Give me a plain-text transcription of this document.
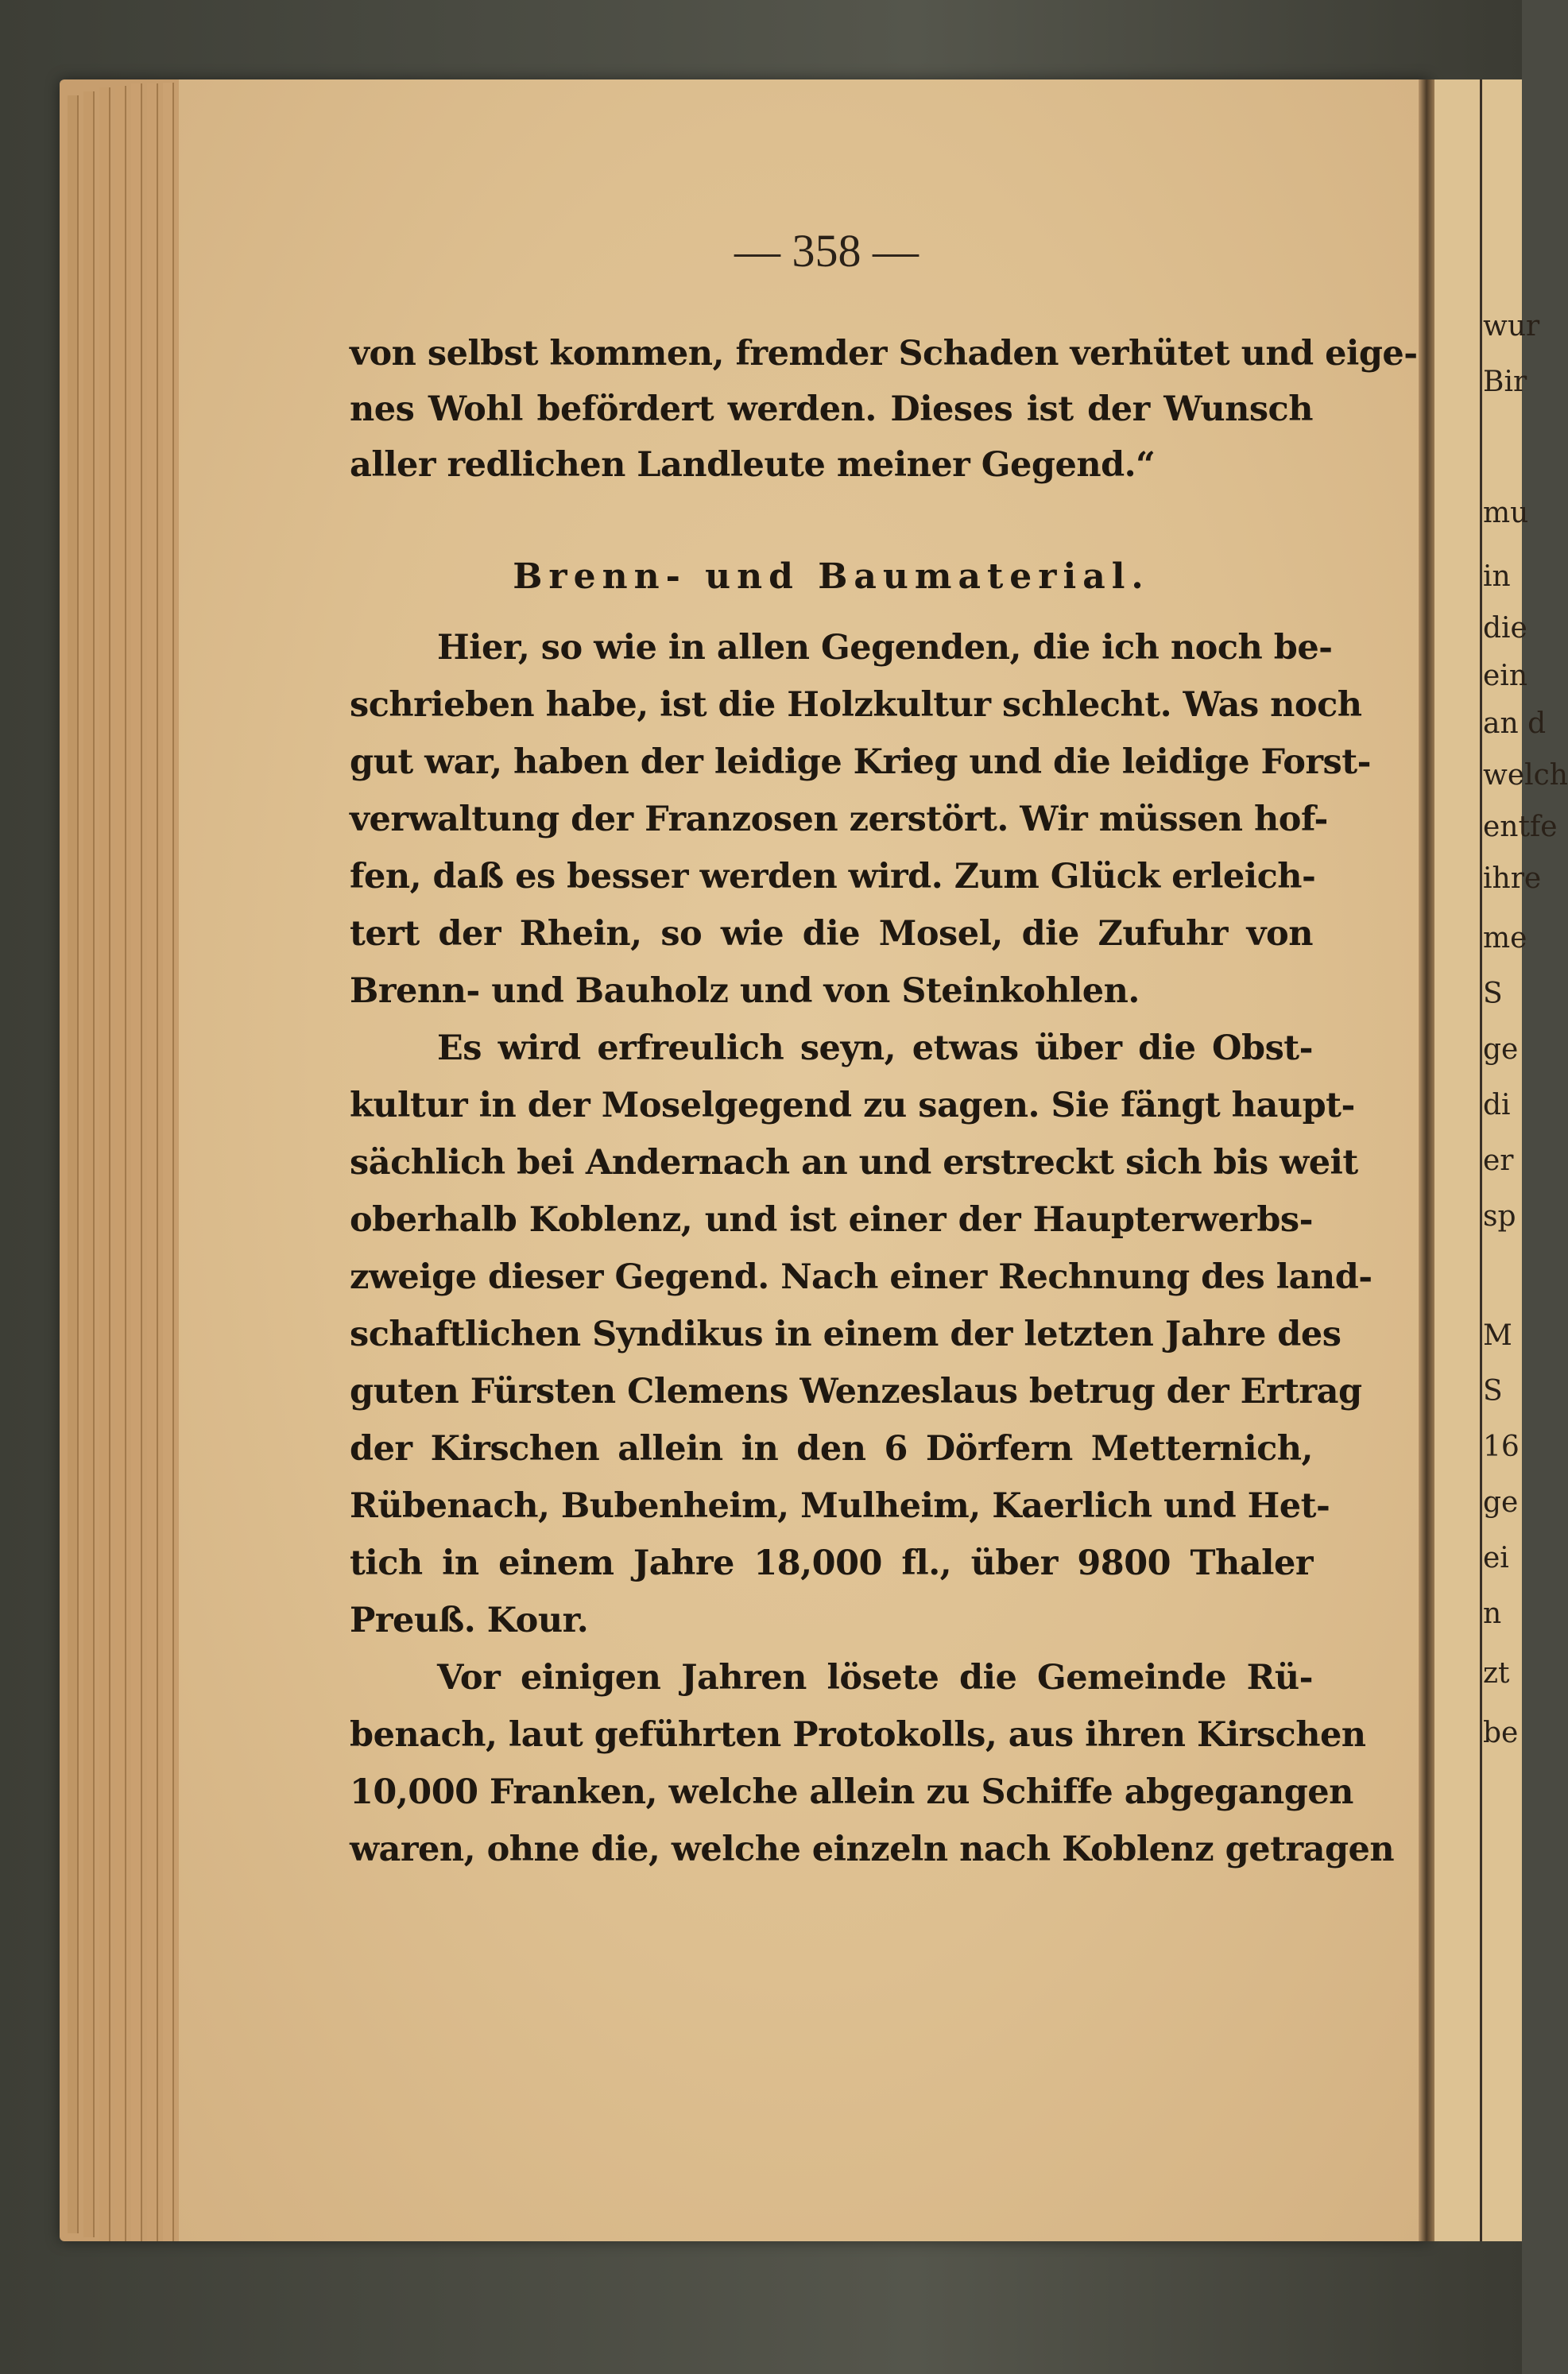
— 358 —
von selbst kommen, fremder Schaden verhütet und eige-
nes Wohl befördert werden. Dieses ist der Wunsch
aller redlichen Landleute meiner Gegend.“
Brenn- und Baumaterial.
Hier, so wie in allen Gegenden, die ich noch be-
schrieben habe, ist die Holzkultur schlecht. Was noch
gut war, haben der leidige Krieg und die leidige Forst-
verwaltung der Franzosen zerstört. Wir müssen hof-
fen, daß es besser werden wird. Zum Glück erleich-
tert der Rhein, so wie die Mosel, die Zufuhr von
Brenn- und Bauholz und von Steinkohlen.
Es wird erfreulich seyn, etwas über die Obst-
kultur in der Moselgegend zu sagen. Sie fängt haupt-
sächlich bei Andernach an und erstreckt sich bis weit
oberhalb Koblenz, und ist einer der Haupterwerbs-
zweige dieser Gegend. Nach einer Rechnung des land-
schaftlichen Syndikus in einem der letzten Jahre des
guten Fürsten Clemens Wenzeslaus betrug der Ertrag
der Kirschen allein in den 6 Dörfern Metternich,
Rübenach, Bubenheim, Mulheim, Kaerlich und Het-
tich in einem Jahre 18,000 fl., über 9800 Thaler
Preuß. Kour.
Vor einigen Jahren lösete die Gemeinde Rü-
benach, laut geführten Protokolls, aus ihren Kirschen
10,000 Franken, welche allein zu Schiffe abgegangen
waren, ohne die, welche einzeln nach Koblenz getragen
wur
Bir
mu
in
die
ein
an d
welch
entfe
ihre
me
S
ge
di
er
sp
M
S
16
ge
ei
n
zt
be
